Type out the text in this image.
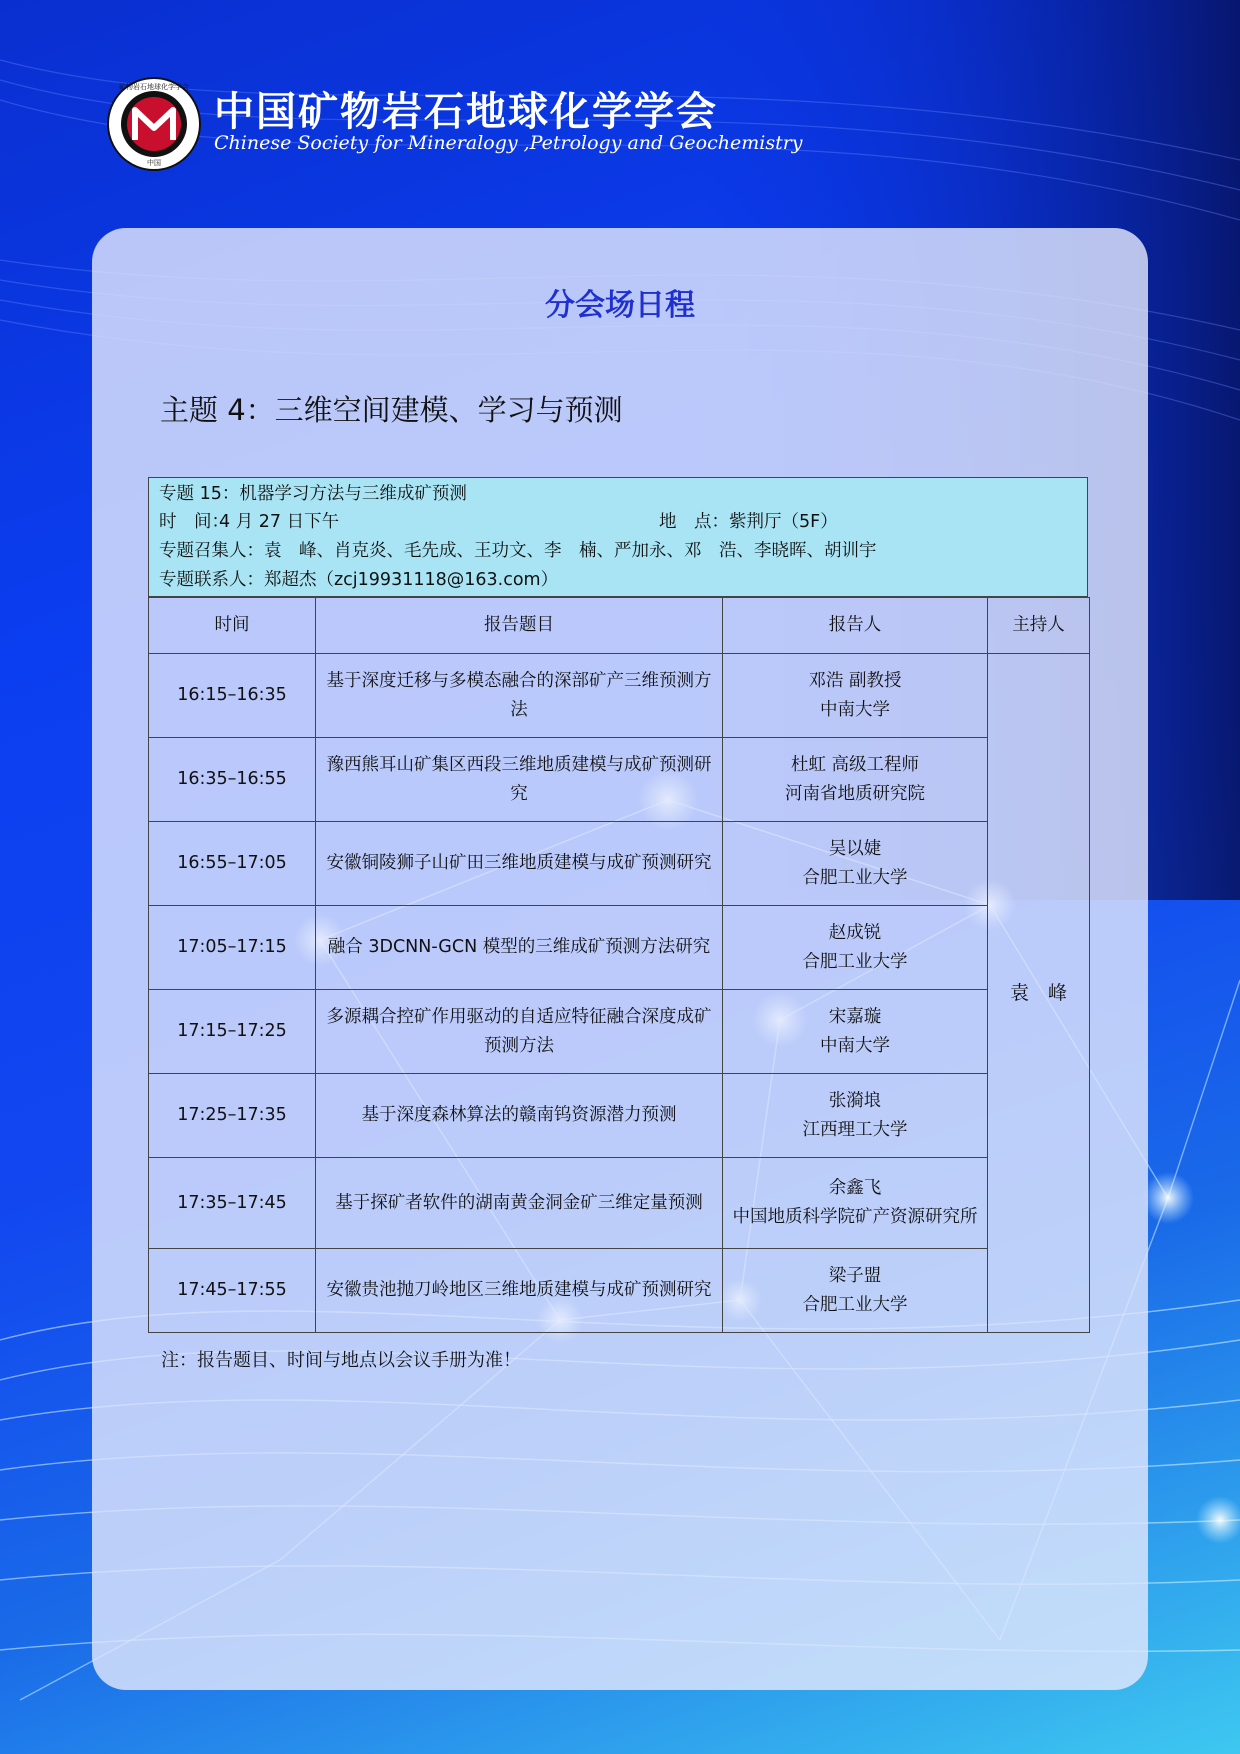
矿物岩石地球化学学会
中国
中国矿物岩石地球化学学会
Chinese Society for Mineralogy ,Petrology and Geochemistry
分会场日程
主题 4：三维空间建模、学习与预测
专题 15：机器学习方法与三维成矿预测
时　间：
4 月 27 日下午	地　点：紫荆厅（5F）
专题召集人：袁　峰、肖克炎、毛先成、王功文、李　楠、严加永、邓　浩、李晓晖、胡训宇
专题联系人：郑超杰（zcj19931118@163.com）
时间	报告题目	报告人	主持人
16:15–16:35	基于深度迁移与多模态融合的深部矿产三维预测方法	邓浩 副教授
中南大学	袁　峰
16:35–16:55	豫西熊耳山矿集区西段三维地质建模与成矿预测研究	杜虹 高级工程师
河南省地质研究院	

16:55–17:05	安徽铜陵狮子山矿田三维地质建模与成矿预测研究	吴以婕
合肥工业大学	

17:05–17:15	融合 3DCNN-GCN 模型的三维成矿预测方法研究	赵成锐
合肥工业大学	

17:15–17:25	多源耦合控矿作用驱动的自适应特征融合深度成矿预测方法	宋嘉璇
中南大学	

17:25–17:35	基于深度森林算法的赣南钨资源潜力预测	张漪埌
江西理工大学	

17:35–17:45	基于探矿者软件的湖南黄金洞金矿三维定量预测	余鑫飞
中国地质科学院矿产资源研究所	

17:45–17:55	安徽贵池抛刀岭地区三维地质建模与成矿预测研究	梁子盟
合肥工业大学	
注：报告题目、时间与地点以会议手册为准！
